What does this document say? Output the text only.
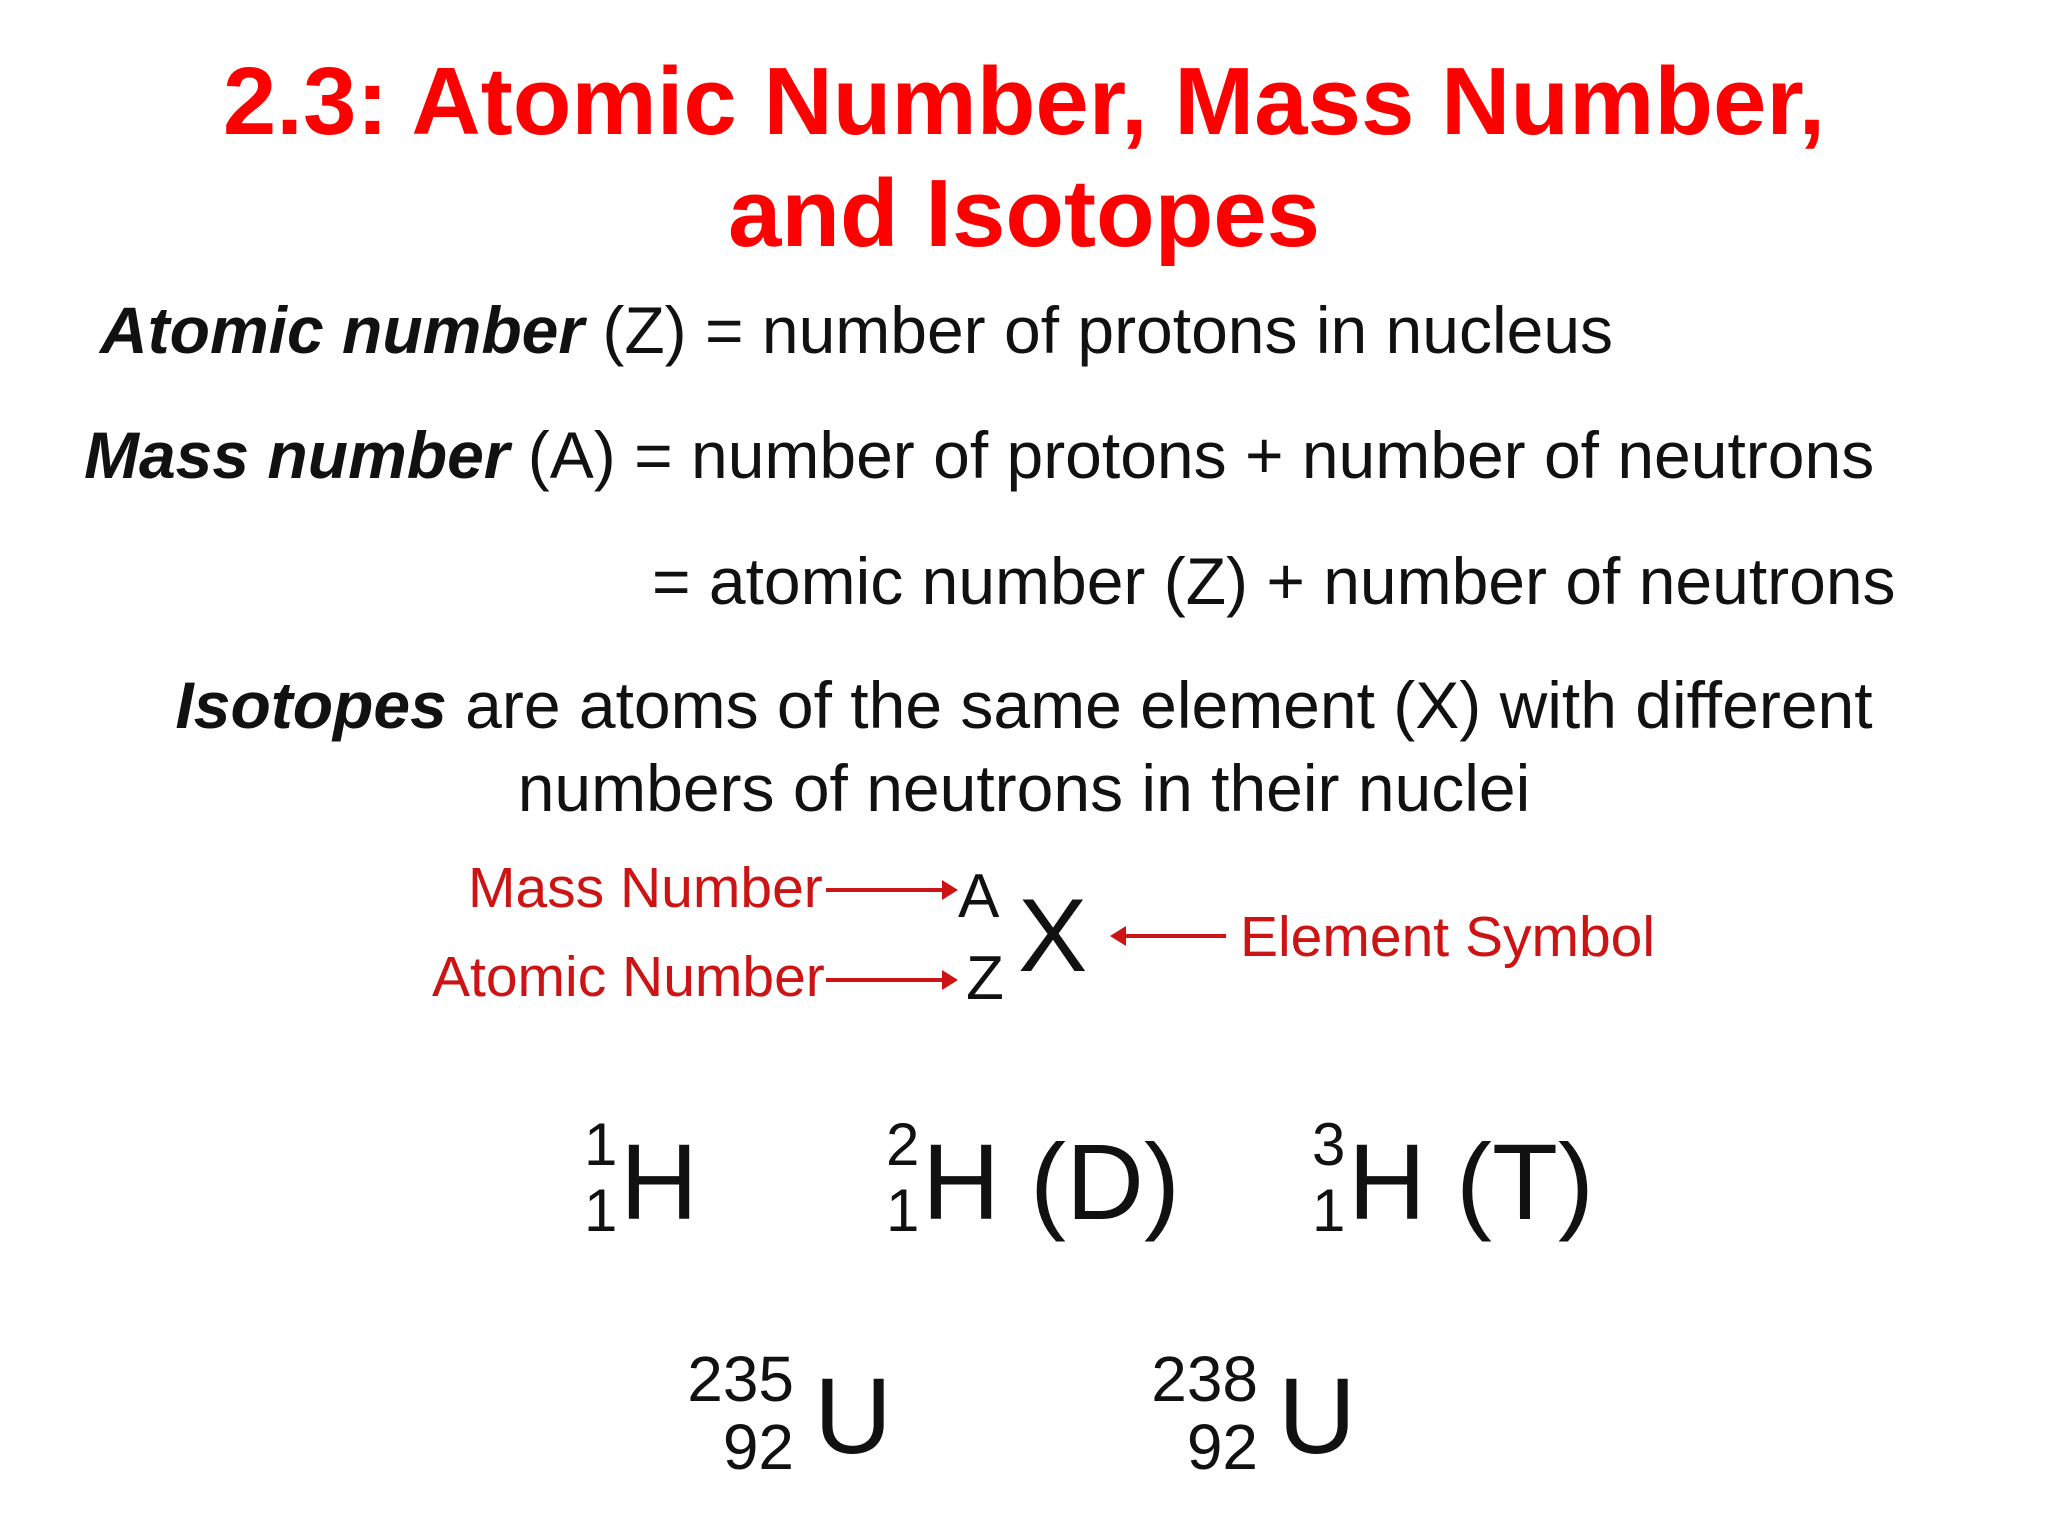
2.3: Atomic Number, Mass Number,
and Isotopes
Atomic number (Z) = number of protons in nucleus
Mass number (A) = number of protons + number of neutrons
= atomic number (Z) + number of neutrons
Isotopes are atoms of the same element (X) with different
numbers of neutrons in their nuclei
Mass Number
Atomic Number
A
Z X	Element Symbol
1
1 H	2
1 H (D) 3
1 H (T)
235
92 U	238
92 U
